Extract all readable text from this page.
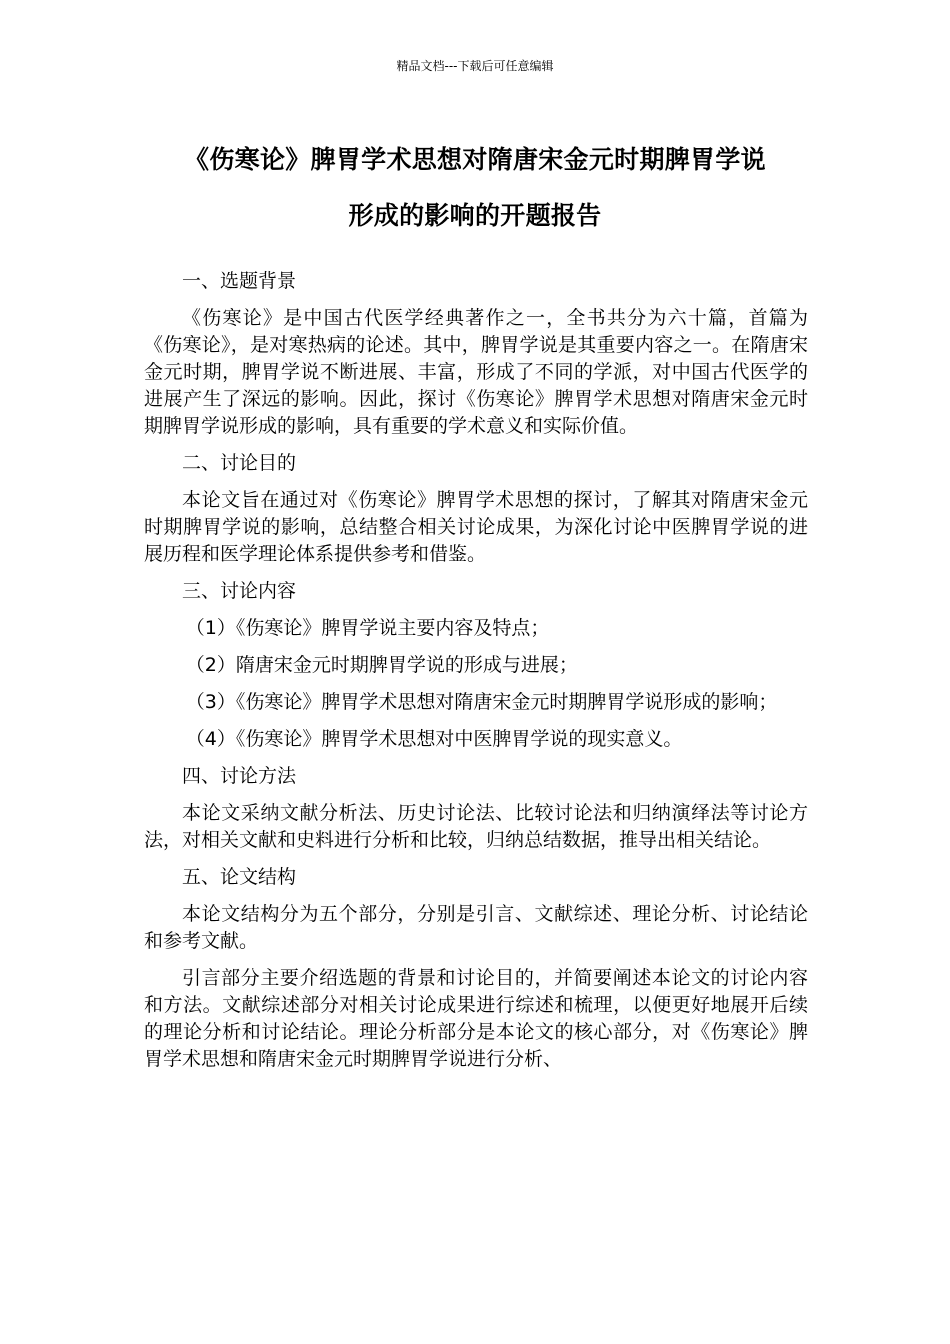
精品文档---下载后可任意编辑
《伤寒论》脾胃学术思想对隋唐宋金元时期脾胃学说
形成的影响的开题报告
一、选题背景
《伤寒论》是中国古代医学经典著作之一，全书共分为六十篇，首篇为《伤寒论》，是对寒热病的论述。其中，脾胃学说是其重要内容之一。在隋唐宋金元时期，脾胃学说不断进展、丰富，形成了不同的学派，对中国古代医学的进展产生了深远的影响。因此，探讨《伤寒论》脾胃学术思想对隋唐宋金元时期脾胃学说形成的影响，具有重要的学术意义和实际价值。
二、讨论目的
本论文旨在通过对《伤寒论》脾胃学术思想的探讨，了解其对隋唐宋金元时期脾胃学说的影响，总结整合相关讨论成果，为深化讨论中医脾胃学说的进展历程和医学理论体系提供参考和借鉴。
三、讨论内容
（1）《伤寒论》脾胃学说主要内容及特点；
（2）隋唐宋金元时期脾胃学说的形成与进展；
（3）《伤寒论》脾胃学术思想对隋唐宋金元时期脾胃学说形成的影响；
（4）《伤寒论》脾胃学术思想对中医脾胃学说的现实意义。
四、讨论方法
本论文采纳文献分析法、历史讨论法、比较讨论法和归纳演绎法等讨论方法，对相关文献和史料进行分析和比较，归纳总结数据，推导出相关结论。
五、论文结构
本论文结构分为五个部分，分别是引言、文献综述、理论分析、讨论结论和参考文献。
引言部分主要介绍选题的背景和讨论目的，并简要阐述本论文的讨论内容和方法。文献综述部分对相关讨论成果进行综述和梳理，以便更好地展开后续的理论分析和讨论结论。理论分析部分是本论文的核心部分，对《伤寒论》脾胃学术思想和隋唐宋金元时期脾胃学说进行分析、
